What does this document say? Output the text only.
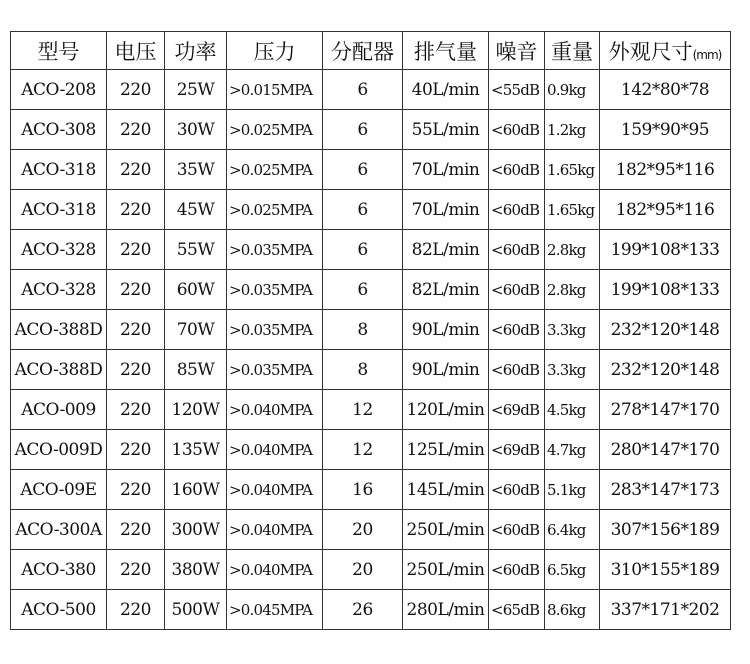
型号	电压	功率	压力	分配器	排气量	噪音	重量	外观尺寸(mm)
ACO-208	220	25W	>0.015MPA	6	40L/min	<55dB	0.9kg	142*80*78
ACO-308	220	30W	>0.025MPA	6	55L/min	<60dB	1.2kg	159*90*95
ACO-318	220	35W	>0.025MPA	6	70L/min	<60dB	1.65kg	182*95*116
ACO-318	220	45W	>0.025MPA	6	70L/min	<60dB	1.65kg	182*95*116
ACO-328	220	55W	>0.035MPA	6	82L/min	<60dB	2.8kg	199*108*133
ACO-328	220	60W	>0.035MPA	6	82L/min	<60dB	2.8kg	199*108*133
ACO-388D	220	70W	>0.035MPA	8	90L/min	<60dB	3.3kg	232*120*148
ACO-388D	220	85W	>0.035MPA	8	90L/min	<60dB	3.3kg	232*120*148
ACO-009	220	120W	>0.040MPA	12	120L/min	<69dB	4.5kg	278*147*170
ACO-009D	220	135W	>0.040MPA	12	125L/min	<69dB	4.7kg	280*147*170
ACO-09E	220	160W	>0.040MPA	16	145L/min	<60dB	5.1kg	283*147*173
ACO-300A	220	300W	>0.040MPA	20	250L/min	<60dB	6.4kg	307*156*189
ACO-380	220	380W	>0.040MPA	20	250L/min	<60dB	6.5kg	310*155*189
ACO-500	220	500W	>0.045MPA	26	280L/min	<65dB	8.6kg	337*171*202
